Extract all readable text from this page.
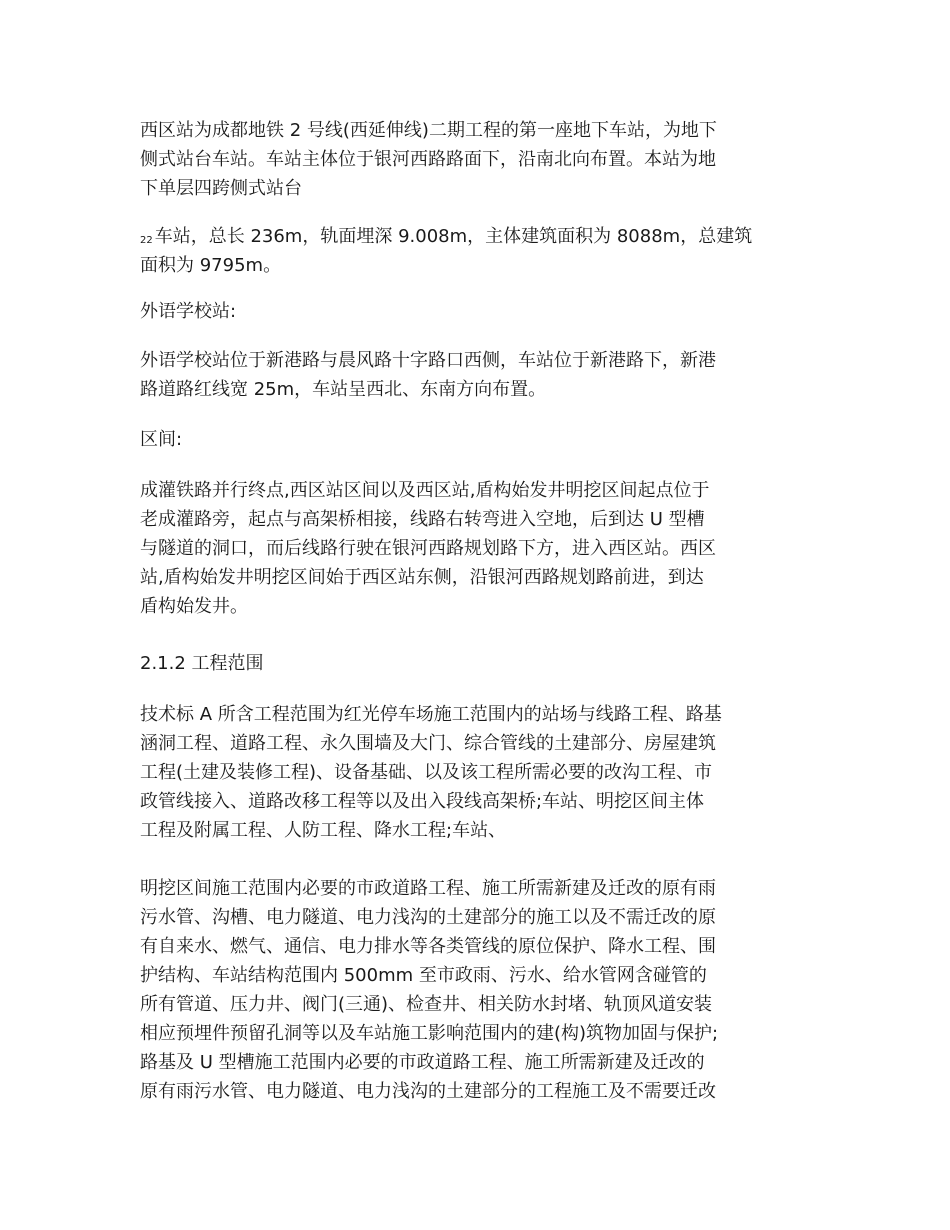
西区站为成都地铁 2 号线(西延伸线)二期工程的第一座地下车站，为地下
侧式站台车站。车站主体位于银河西路路面下，沿南北向布置。本站为地
下单层四跨侧式站台
22 车站，总长 236m，轨面埋深 9.008m，主体建筑面积为 8088m，总建筑
面积为 9795m。
外语学校站:
外语学校站位于新港路与晨风路十字路口西侧，车站位于新港路下，新港
路道路红线宽 25m，车站呈西北、东南方向布置。
区间:
成灌铁路并行终点,西区站区间以及西区站,盾构始发井明挖区间起点位于
老成灌路旁，起点与高架桥相接，线路右转弯进入空地，后到达 U 型槽
与隧道的洞口，而后线路行驶在银河西路规划路下方，进入西区站。西区
站,盾构始发井明挖区间始于西区站东侧，沿银河西路规划路前进，到达
盾构始发井。
2.1.2 工程范围
技术标 A 所含工程范围为红光停车场施工范围内的站场与线路工程、路基
涵洞工程、道路工程、永久围墙及大门、综合管线的土建部分、房屋建筑
工程(土建及装修工程)、设备基础、以及该工程所需必要的改沟工程、市
政管线接入、道路改移工程等以及出入段线高架桥;车站、明挖区间主体
工程及附属工程、人防工程、降水工程;车站、
明挖区间施工范围内必要的市政道路工程、施工所需新建及迁改的原有雨
污水管、沟槽、电力隧道、电力浅沟的土建部分的施工以及不需迁改的原
有自来水、燃气、通信、电力排水等各类管线的原位保护、降水工程、围
护结构、车站结构范围内 500mm 至市政雨、污水、给水管网含碰管的
所有管道、压力井、阀门(三通)、检查井、相关防水封堵、轨顶风道安装
相应预埋件预留孔洞等以及车站施工影响范围内的建(构)筑物加固与保护;
路基及 U 型槽施工范围内必要的市政道路工程、施工所需新建及迁改的
原有雨污水管、电力隧道、电力浅沟的土建部分的工程施工及不需要迁改
